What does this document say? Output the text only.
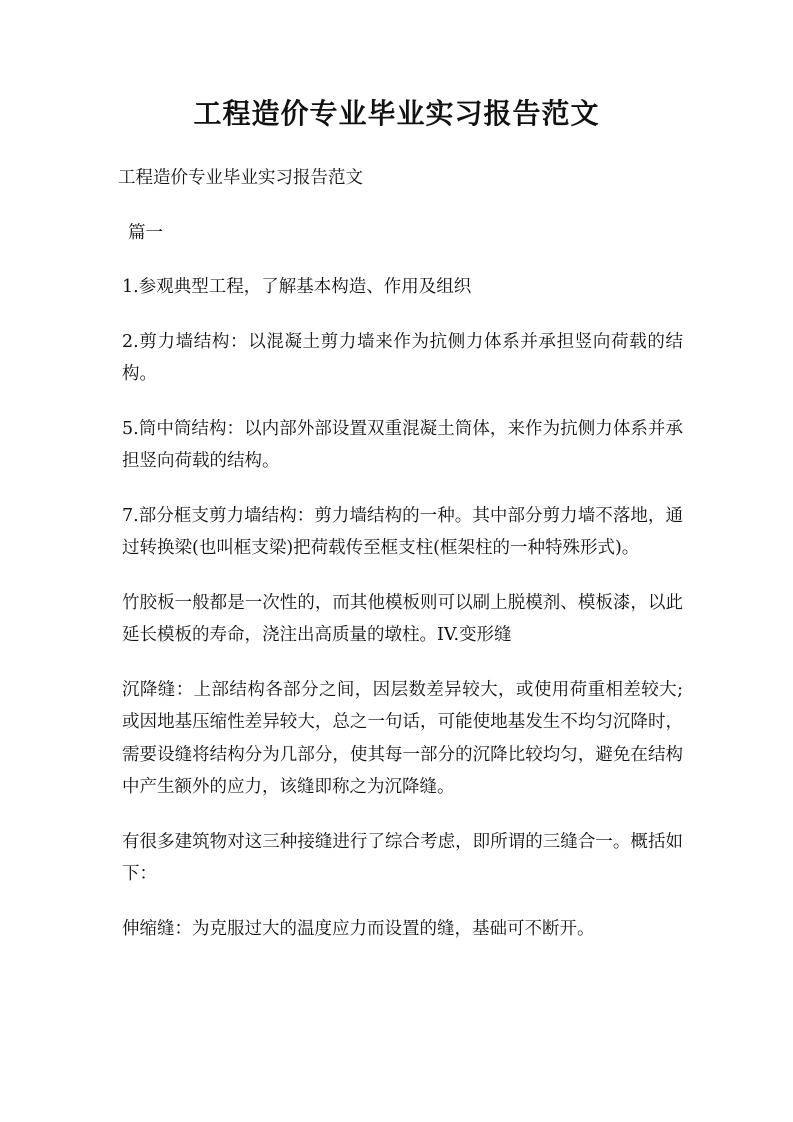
工程造价专业毕业实习报告范文

工程造价专业毕业实习报告范文

篇一

1.参观典型工程，了解基本构造、作用及组织

2.剪力墙结构：以混凝土剪力墙来作为抗侧力体系并承担竖向荷载的结构。

5.筒中筒结构：以内部外部设置双重混凝土筒体，来作为抗侧力体系并承担竖向荷载的结构。

7.部分框支剪力墙结构：剪力墙结构的一种。其中部分剪力墙不落地，通过转换梁(也叫框支梁)把荷载传至框支柱(框架柱的一种特殊形式)。

竹胶板一般都是一次性的，而其他模板则可以刷上脱模剂、模板漆，以此延长模板的寿命，浇注出高质量的墩柱。IV.变形缝

沉降缝：上部结构各部分之间，因层数差异较大，或使用荷重相差较大;或因地基压缩性差异较大，总之一句话，可能使地基发生不均匀沉降时，需要设缝将结构分为几部分，使其每一部分的沉降比较均匀，避免在结构中产生额外的应力，该缝即称之为沉降缝。

有很多建筑物对这三种接缝进行了综合考虑，即所谓的三缝合一。概括如下：

伸缩缝：为克服过大的温度应力而设置的缝，基础可不断开。
